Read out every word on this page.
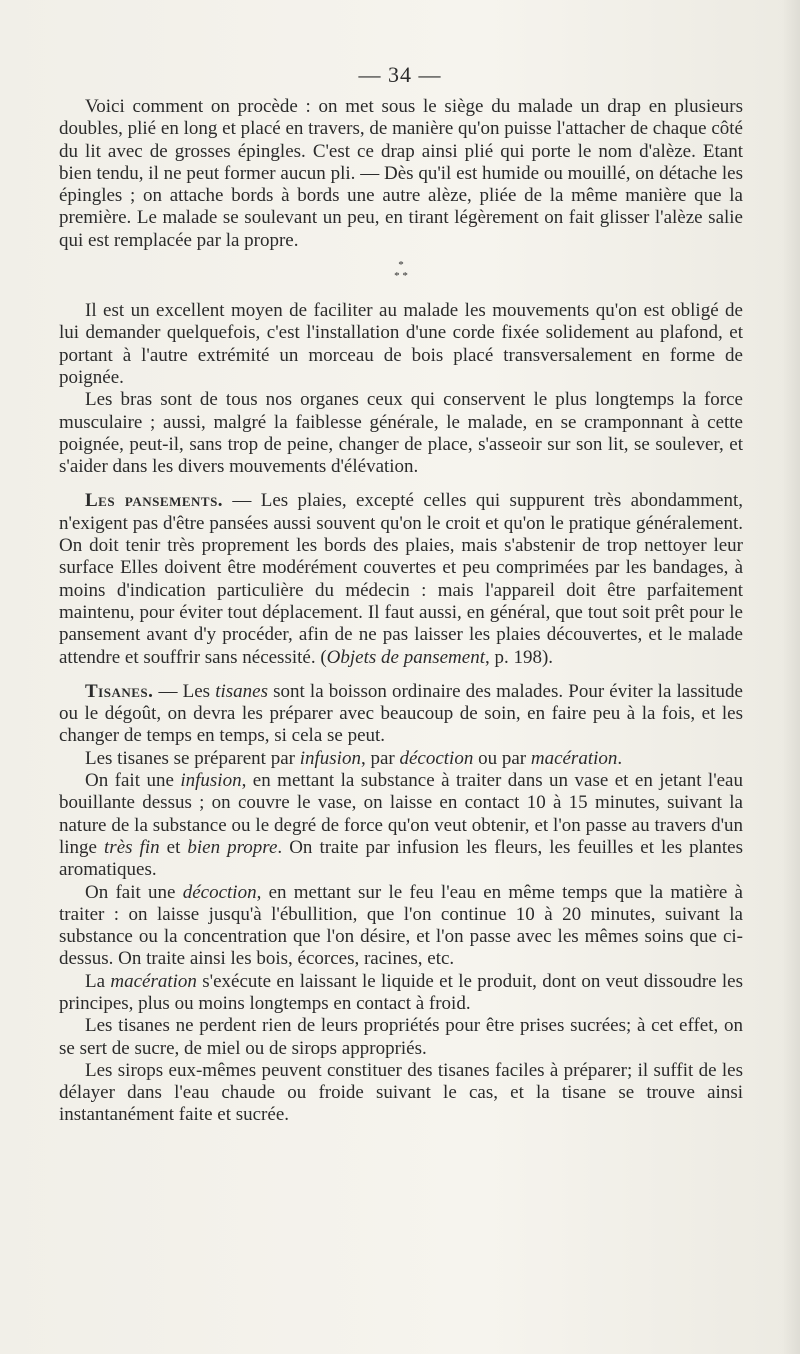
— 34 —

Voici comment on procède : on met sous le siège du malade un drap en plusieurs doubles, plié en long et placé en travers, de manière qu'on puisse l'attacher de chaque côté du lit avec de grosses épingles. C'est ce drap ainsi plié qui porte le nom d'alèze. Etant bien tendu, il ne peut former aucun pli. — Dès qu'il est humide ou mouillé, on détache les épingles ; on attache bords à bords une autre alèze, pliée de la même manière que la première. Le malade se soulevant un peu, en tirant légèrement on fait glisser l'alèze salie qui est remplacée par la propre.

*
* *

Il est un excellent moyen de faciliter au malade les mouvements qu'on est obligé de lui demander quelquefois, c'est l'installation d'une corde fixée solidement au plafond, et portant à l'autre extrémité un morceau de bois placé transversalement en forme de poignée.

Les bras sont de tous nos organes ceux qui conservent le plus longtemps la force musculaire ; aussi, malgré la faiblesse générale, le malade, en se cramponnant à cette poignée, peut-il, sans trop de peine, changer de place, s'asseoir sur son lit, se soulever, et s'aider dans les divers mouvements d'élévation.

Les pansements. — Les plaies, excepté celles qui suppurent très abondamment, n'exigent pas d'être pansées aussi souvent qu'on le croit et qu'on le pratique généralement. On doit tenir très proprement les bords des plaies, mais s'abstenir de trop nettoyer leur surface Elles doivent être modérément couvertes et peu comprimées par les bandages, à moins d'indication particulière du médecin : mais l'appareil doit être parfaitement maintenu, pour éviter tout déplacement. Il faut aussi, en général, que tout soit prêt pour le pansement avant d'y procéder, afin de ne pas laisser les plaies découvertes, et le malade attendre et souffrir sans nécessité. (Objets de pansement, p. 198).

Tisanes. — Les tisanes sont la boisson ordinaire des malades. Pour éviter la lassitude ou le dégoût, on devra les préparer avec beaucoup de soin, en faire peu à la fois, et les changer de temps en temps, si cela se peut.

Les tisanes se préparent par infusion, par décoction ou par macération.

On fait une infusion, en mettant la substance à traiter dans un vase et en jetant l'eau bouillante dessus ; on couvre le vase, on laisse en contact 10 à 15 minutes, suivant la nature de la substance ou le degré de force qu'on veut obtenir, et l'on passe au travers d'un linge très fin et bien propre. On traite par infusion les fleurs, les feuilles et les plantes aromatiques.

On fait une décoction, en mettant sur le feu l'eau en même temps que la matière à traiter : on laisse jusqu'à l'ébullition, que l'on continue 10 à 20 minutes, suivant la substance ou la concentration que l'on désire, et l'on passe avec les mêmes soins que ci-dessus. On traite ainsi les bois, écorces, racines, etc.

La macération s'exécute en laissant le liquide et le produit, dont on veut dissoudre les principes, plus ou moins longtemps en contact à froid.

Les tisanes ne perdent rien de leurs propriétés pour être prises sucrées; à cet effet, on se sert de sucre, de miel ou de sirops appropriés.

Les sirops eux-mêmes peuvent constituer des tisanes faciles à préparer; il suffit de les délayer dans l'eau chaude ou froide suivant le cas, et la tisane se trouve ainsi instantanément faite et sucrée.
